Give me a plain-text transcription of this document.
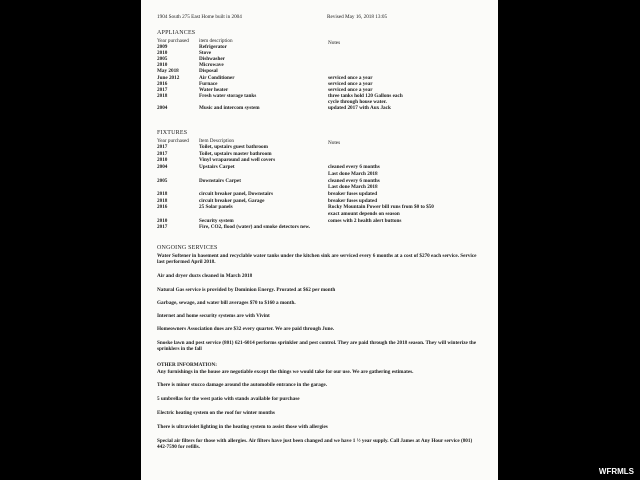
1904 South 275 East Home built in 2004	Revised May 16, 2018 13:05
APPLIANCES
Year purchased item description	Notes
2009	Refrigerator
2010	Stove
2005	Dishwasher
2010	Microwave
May 2018	Disposal
June 2012	Air Conditioner	serviced once a year
2016	Furnace	serviced once a year
2017	Water heater	serviced once a year
2018	Fresh water storage tanks	three tanks hold 120 Gallons each
cycle through house water.
2004	Music and intercom system	updated 2017 with Aux Jack
FIXTURES
Year purchased Item Description	Notes
2017	Toilet, upstairs guest bathroom
2017	Toilet, upstairs master bathroom
2010	Vinyl wraparound and well covers
2004	Upstairs Carpet	cleaned every 6 months
Last done March 2018
2005	Downstairs Carpet	cleaned every 6 months
Last done March 2018
2018	circuit breaker panel, Downstairs	breaker fuses updated
2018	circuit breaker panel, Garage	breaker fuses updated
2016	25 Solar panels	Rocky Mountain Power bill runs from $0 to $50
exact amount depends on season
2010	Security system	comes with 2 health alert buttons
2017	Fire, CO2, flood (water) and smoke detectors new.
ONGOING SERVICES
Water Softener in basement and recyclable water tanks under the kitchen sink are serviced every 6 months at a cost of $270 each service. Service last performed April 2018.
Air and dryer ducts cleaned in March 2018
Natural Gas service is provided by Dominion Energy. Prorated at $62 per month
Garbage, sewage, and water bill averages $70 to $160 a month.
Internet and home security systems are with Vivint
Homeowners Association dues are $32 every quarter. We are paid through June.
Snoske lawn and pest service (801) 621-6014 performs sprinkler and pest control. They are paid through the 2018 season. They will winterize the sprinklers in the fall
OTHER INFORMATION:
Any furnishings in the house are negotiable except the things we would take for our use. We are gathering estimates.
There is minor stucco damage around the automobile entrance in the garage.
5 umbrellas for the west patio with stands available for purchase
Electric heating system on the roof for winter months
There is ultraviolet lighting in the heating system to assist those with allergies
Special air filters for those with allergies. Air filters have just been changed and we have 1 ½ year supply. Call James at Any Hour service (801) 442-7590 for refills.
WFRMLS
